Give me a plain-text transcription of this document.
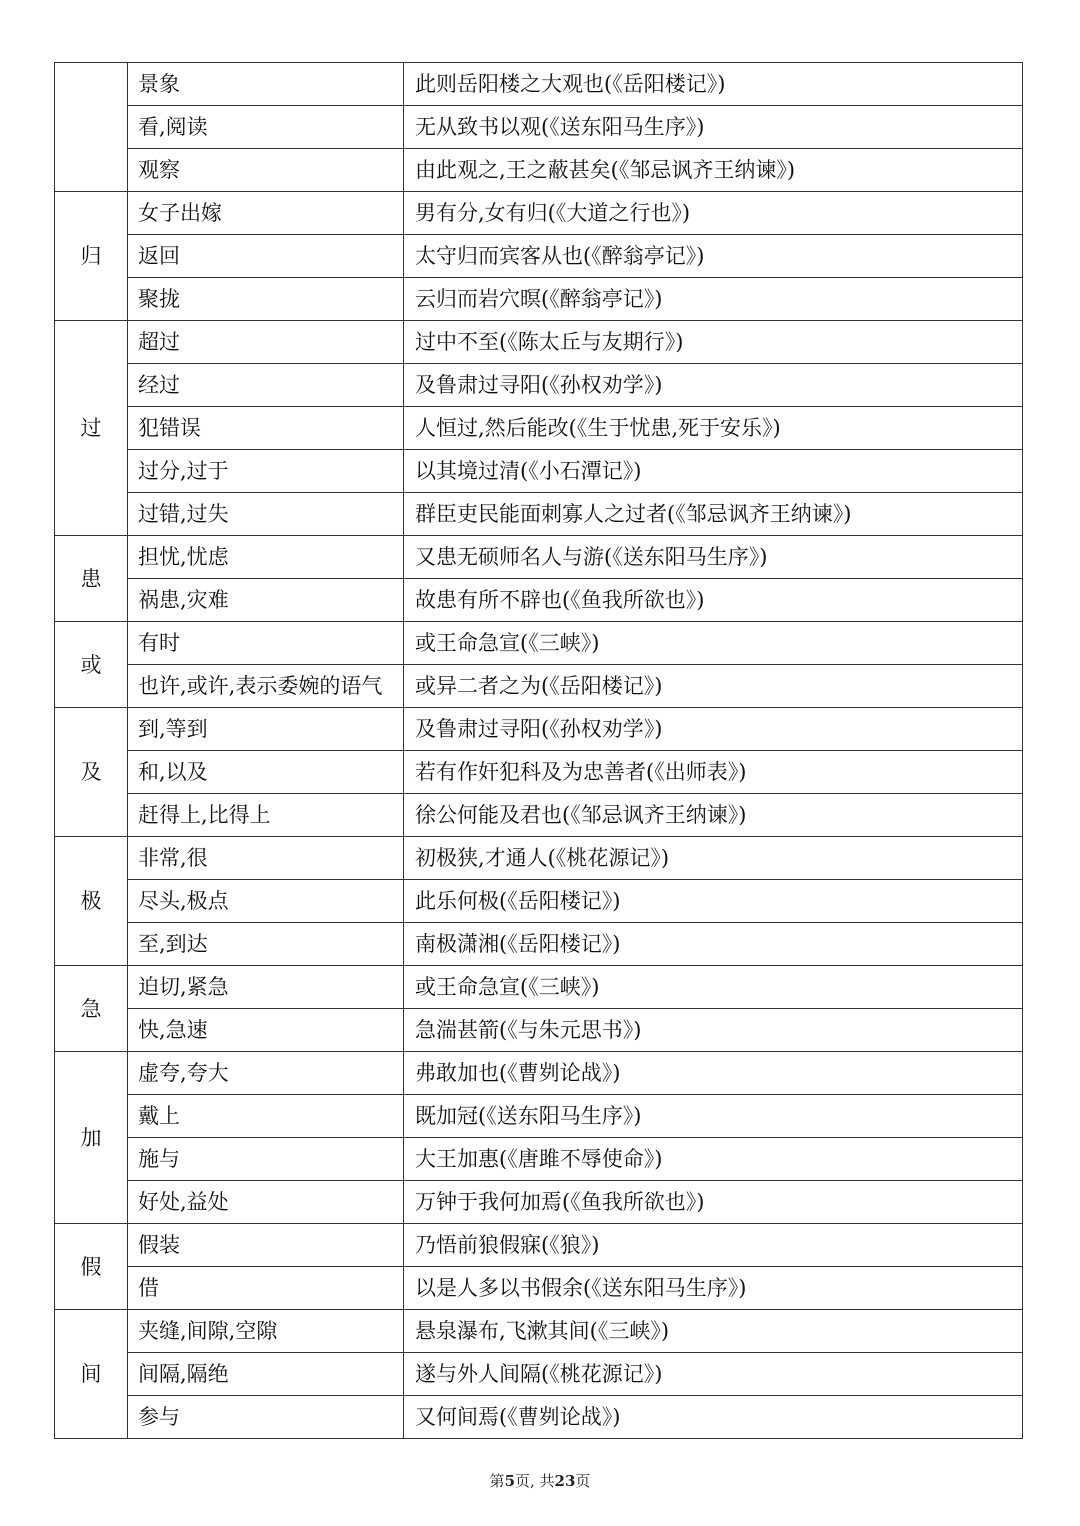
	景象	此则岳阳楼之大观也(《岳阳楼记》)
	看,阅读	无从致书以观(《送东阳马生序》)
	观察	由此观之,王之蔽甚矣(《邹忌讽齐王纳谏》)
归	女子出嫁	男有分,女有归(《大道之行也》)
	返回	太守归而宾客从也(《醉翁亭记》)
	聚拢	云归而岩穴暝(《醉翁亭记》)
过	超过	过中不至(《陈太丘与友期行》)
	经过	及鲁肃过寻阳(《孙权劝学》)
	犯错误	人恒过,然后能改(《生于忧患,死于安乐》)
	过分,过于	以其境过清(《小石潭记》)
	过错,过失	群臣吏民能面刺寡人之过者(《邹忌讽齐王纳谏》)
患	担忧,忧虑	又患无硕师名人与游(《送东阳马生序》)
	祸患,灾难	故患有所不辟也(《鱼我所欲也》)
或	有时	或王命急宣(《三峡》)
	也许,或许,表示委婉的语气	或异二者之为(《岳阳楼记》)
及	到,等到	及鲁肃过寻阳(《孙权劝学》)
	和,以及	若有作奸犯科及为忠善者(《出师表》)
	赶得上,比得上	徐公何能及君也(《邹忌讽齐王纳谏》)
极	非常,很	初极狭,才通人(《桃花源记》)
	尽头,极点	此乐何极(《岳阳楼记》)
	至,到达	南极潇湘(《岳阳楼记》)
急	迫切,紧急	或王命急宣(《三峡》)
	快,急速	急湍甚箭(《与朱元思书》)
加	虚夸,夸大	弗敢加也(《曹刿论战》)
	戴上	既加冠(《送东阳马生序》)
	施与	大王加惠(《唐雎不辱使命》)
	好处,益处	万钟于我何加焉(《鱼我所欲也》)
假	假装	乃悟前狼假寐(《狼》)
	借	以是人多以书假余(《送东阳马生序》)
间	夹缝,间隙,空隙	悬泉瀑布,飞漱其间(《三峡》)
	间隔,隔绝	遂与外人间隔(《桃花源记》)
	参与	又何间焉(《曹刿论战》)
第5页, 共23页
